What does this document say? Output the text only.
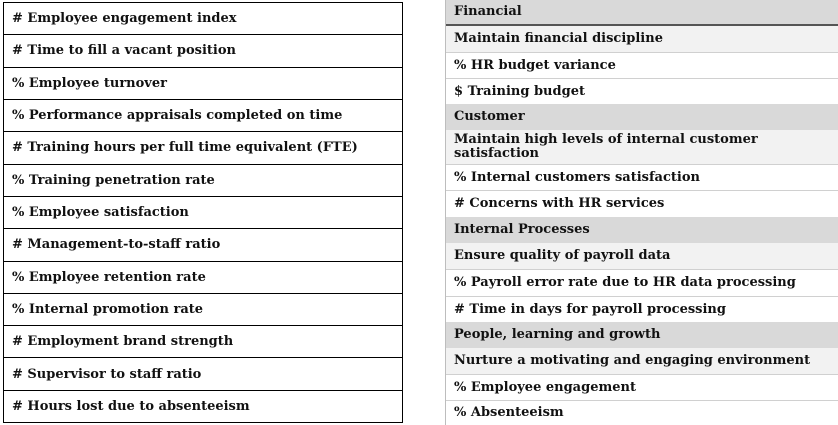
# Employee engagement index
# Time to fill a vacant position
% Employee turnover
% Performance appraisals completed on time
# Training hours per full time equivalent (FTE)
% Training penetration rate
% Employee satisfaction
# Management-to-staff ratio
% Employee retention rate
% Internal promotion rate
# Employment brand strength
# Supervisor to staff ratio
# Hours lost due to absenteeism
Financial
Maintain financial discipline
% HR budget variance
$ Training budget
Customer
Maintain high levels of internal customer satisfaction
% Internal customers satisfaction
# Concerns with HR services
Internal Processes
Ensure quality of payroll data
% Payroll error rate due to HR data processing
# Time in days for payroll processing
People, learning and growth
Nurture a motivating and engaging environment
% Employee engagement
% Absenteeism
